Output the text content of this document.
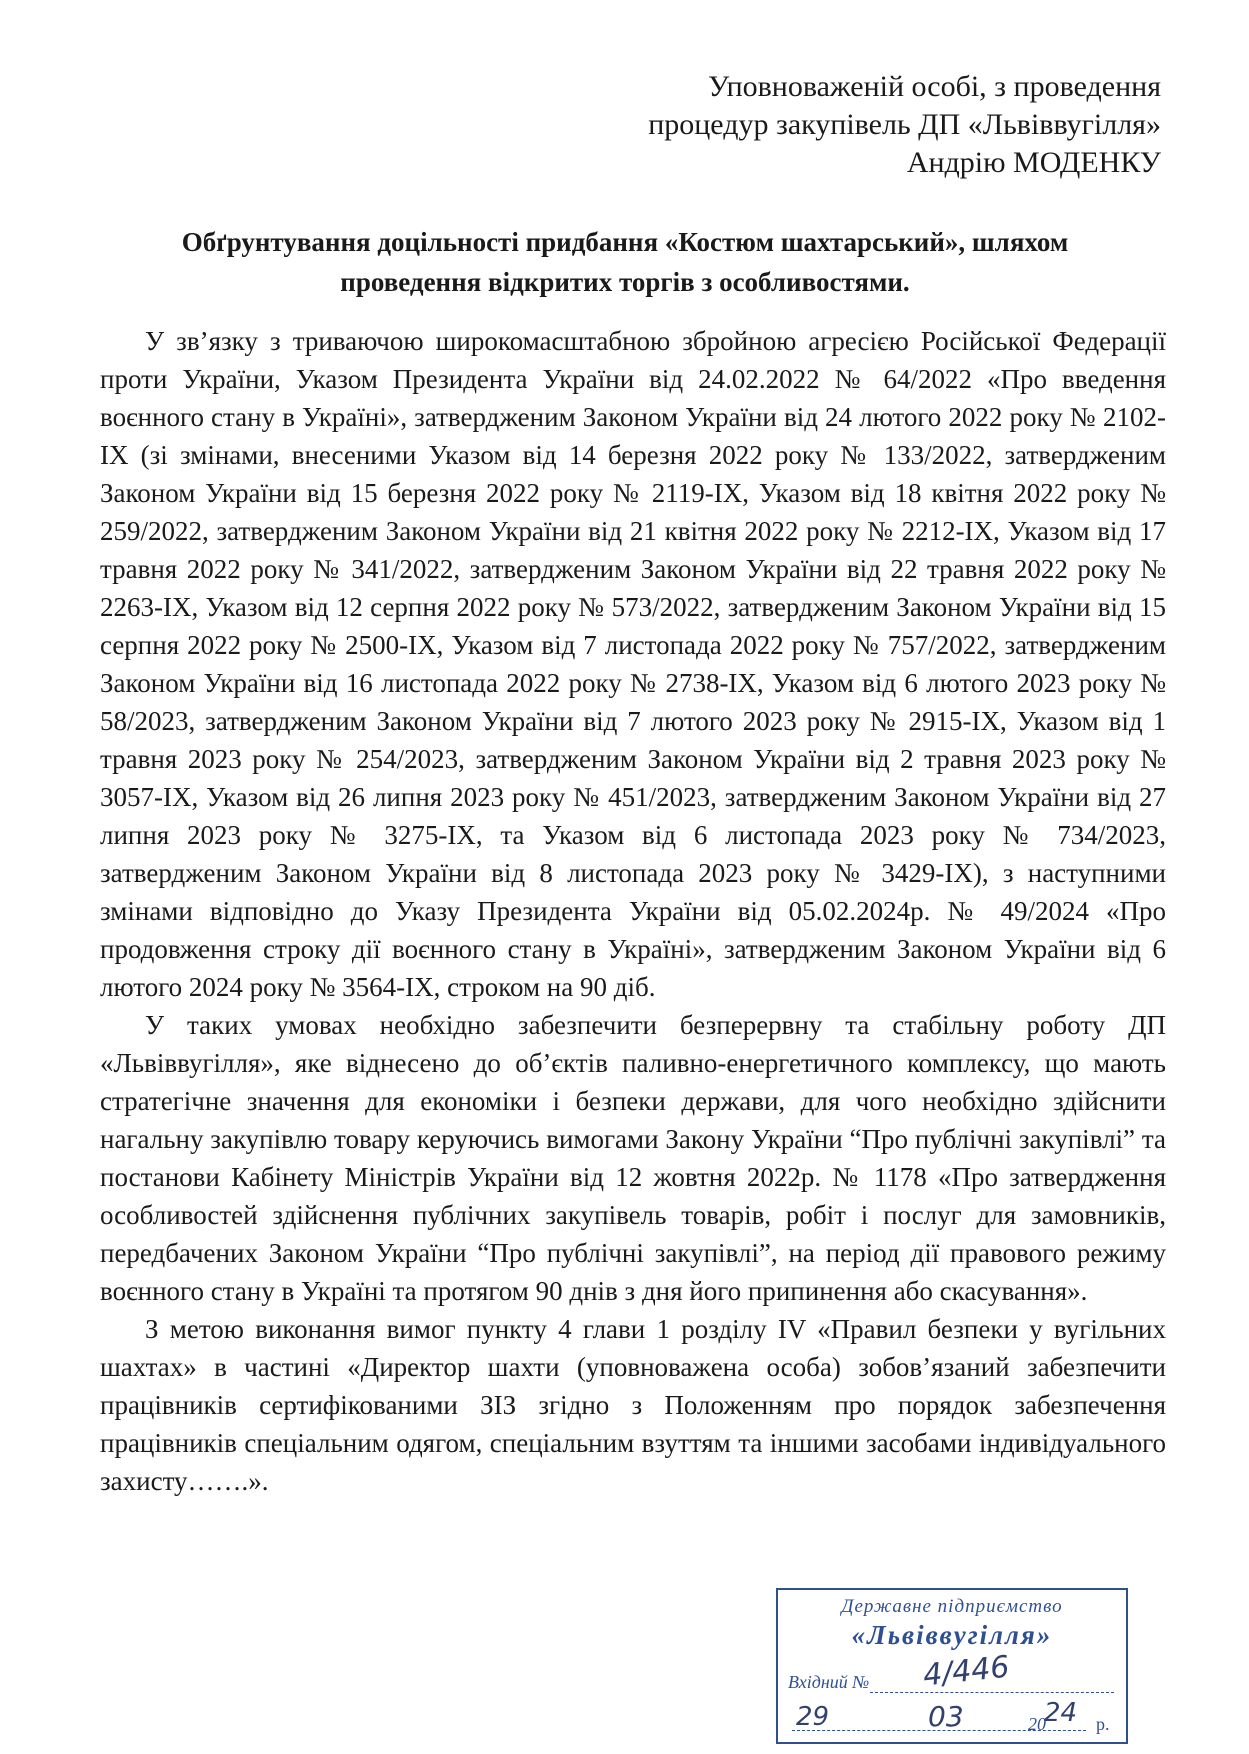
Уповноваженій особі, з проведення
процедур закупівель ДП «Львіввугілля»
Андрію МОДЕНКУ
Обґрунтування доцільності придбання «Костюм шахтарський», шляхом
проведення відкритих торгів з особливостями.

У зв’язку з триваючою широкомасштабною збройною агресією Російської Федерації проти України, Указом Президента України від 24.02.2022 № 64/2022 «Про введення воєнного стану в Україні», затвердженим Законом України від 24 лютого 2022 року № 2102-ІХ (зі змінами, внесеними Указом від 14 березня 2022 року № 133/2022, затвердженим Законом України від 15 березня 2022 року № 2119-ІХ, Указом від 18 квітня 2022 року № 259/2022, затвердженим Законом України від 21 квітня 2022 року № 2212-ІХ, Указом від 17 травня 2022 року № 341/2022, затвердженим Законом України від 22 травня 2022 року № 2263-ІХ, Указом від 12 серпня 2022 року № 573/2022, затвердженим Законом України від 15 серпня 2022 року № 2500-ІХ, Указом від 7 листопада 2022 року № 757/2022, затвердженим Законом України від 16 листопада 2022 року № 2738-ІХ, Указом від 6 лютого 2023 року № 58/2023, затвердженим Законом України від 7 лютого 2023 року № 2915-ІХ, Указом від 1 травня 2023 року № 254/2023, затвердженим Законом України від 2 травня 2023 року № 3057-ІХ, Указом від 26 липня 2023 року № 451/2023, затвердженим Законом України від 27 липня 2023 року № 3275-ІХ, та Указом від 6 листопада 2023 року № 734/2023, затвердженим Законом України від 8 листопада 2023 року № 3429-ІХ), з наступними змінами відповідно до Указу Президента України від 05.02.2024р. № 49/2024 «Про продовження строку дії воєнного стану в Україні», затвердженим Законом України від 6 лютого 2024 року № 3564-ІХ, строком на 90 діб.

У таких умовах необхідно забезпечити безперервну та стабільну роботу ДП «Львіввугілля», яке віднесено до об’єктів паливно-енергетичного комплексу, що мають стратегічне значення для економіки і безпеки держави, для чого необхідно здійснити нагальну закупівлю товару керуючись вимогами Закону України “Про публічні закупівлі” та постанови Кабінету Міністрів України від 12 жовтня 2022р. № 1178 «Про затвердження особливостей здійснення публічних закупівель товарів, робіт і послуг для замовників, передбачених Законом України “Про публічні закупівлі”, на період дії правового режиму воєнного стану в Україні та протягом 90 днів з дня його припинення або скасування».

З метою виконання вимог пункту 4 глави 1 розділу ІV «Правил безпеки у вугільних шахтах» в частині «Директор шахти (уповноважена особа) зобов’язаний забезпечити працівників сертифікованими ЗІЗ згідно з Положенням про порядок забезпечення працівників спеціальним одягом, спеціальним взуттям та іншими засобами індивідуального захисту…….».

Державне підприємство
«Львіввугілля»
Вхідний № 4/446
29	03	20
24 р.
